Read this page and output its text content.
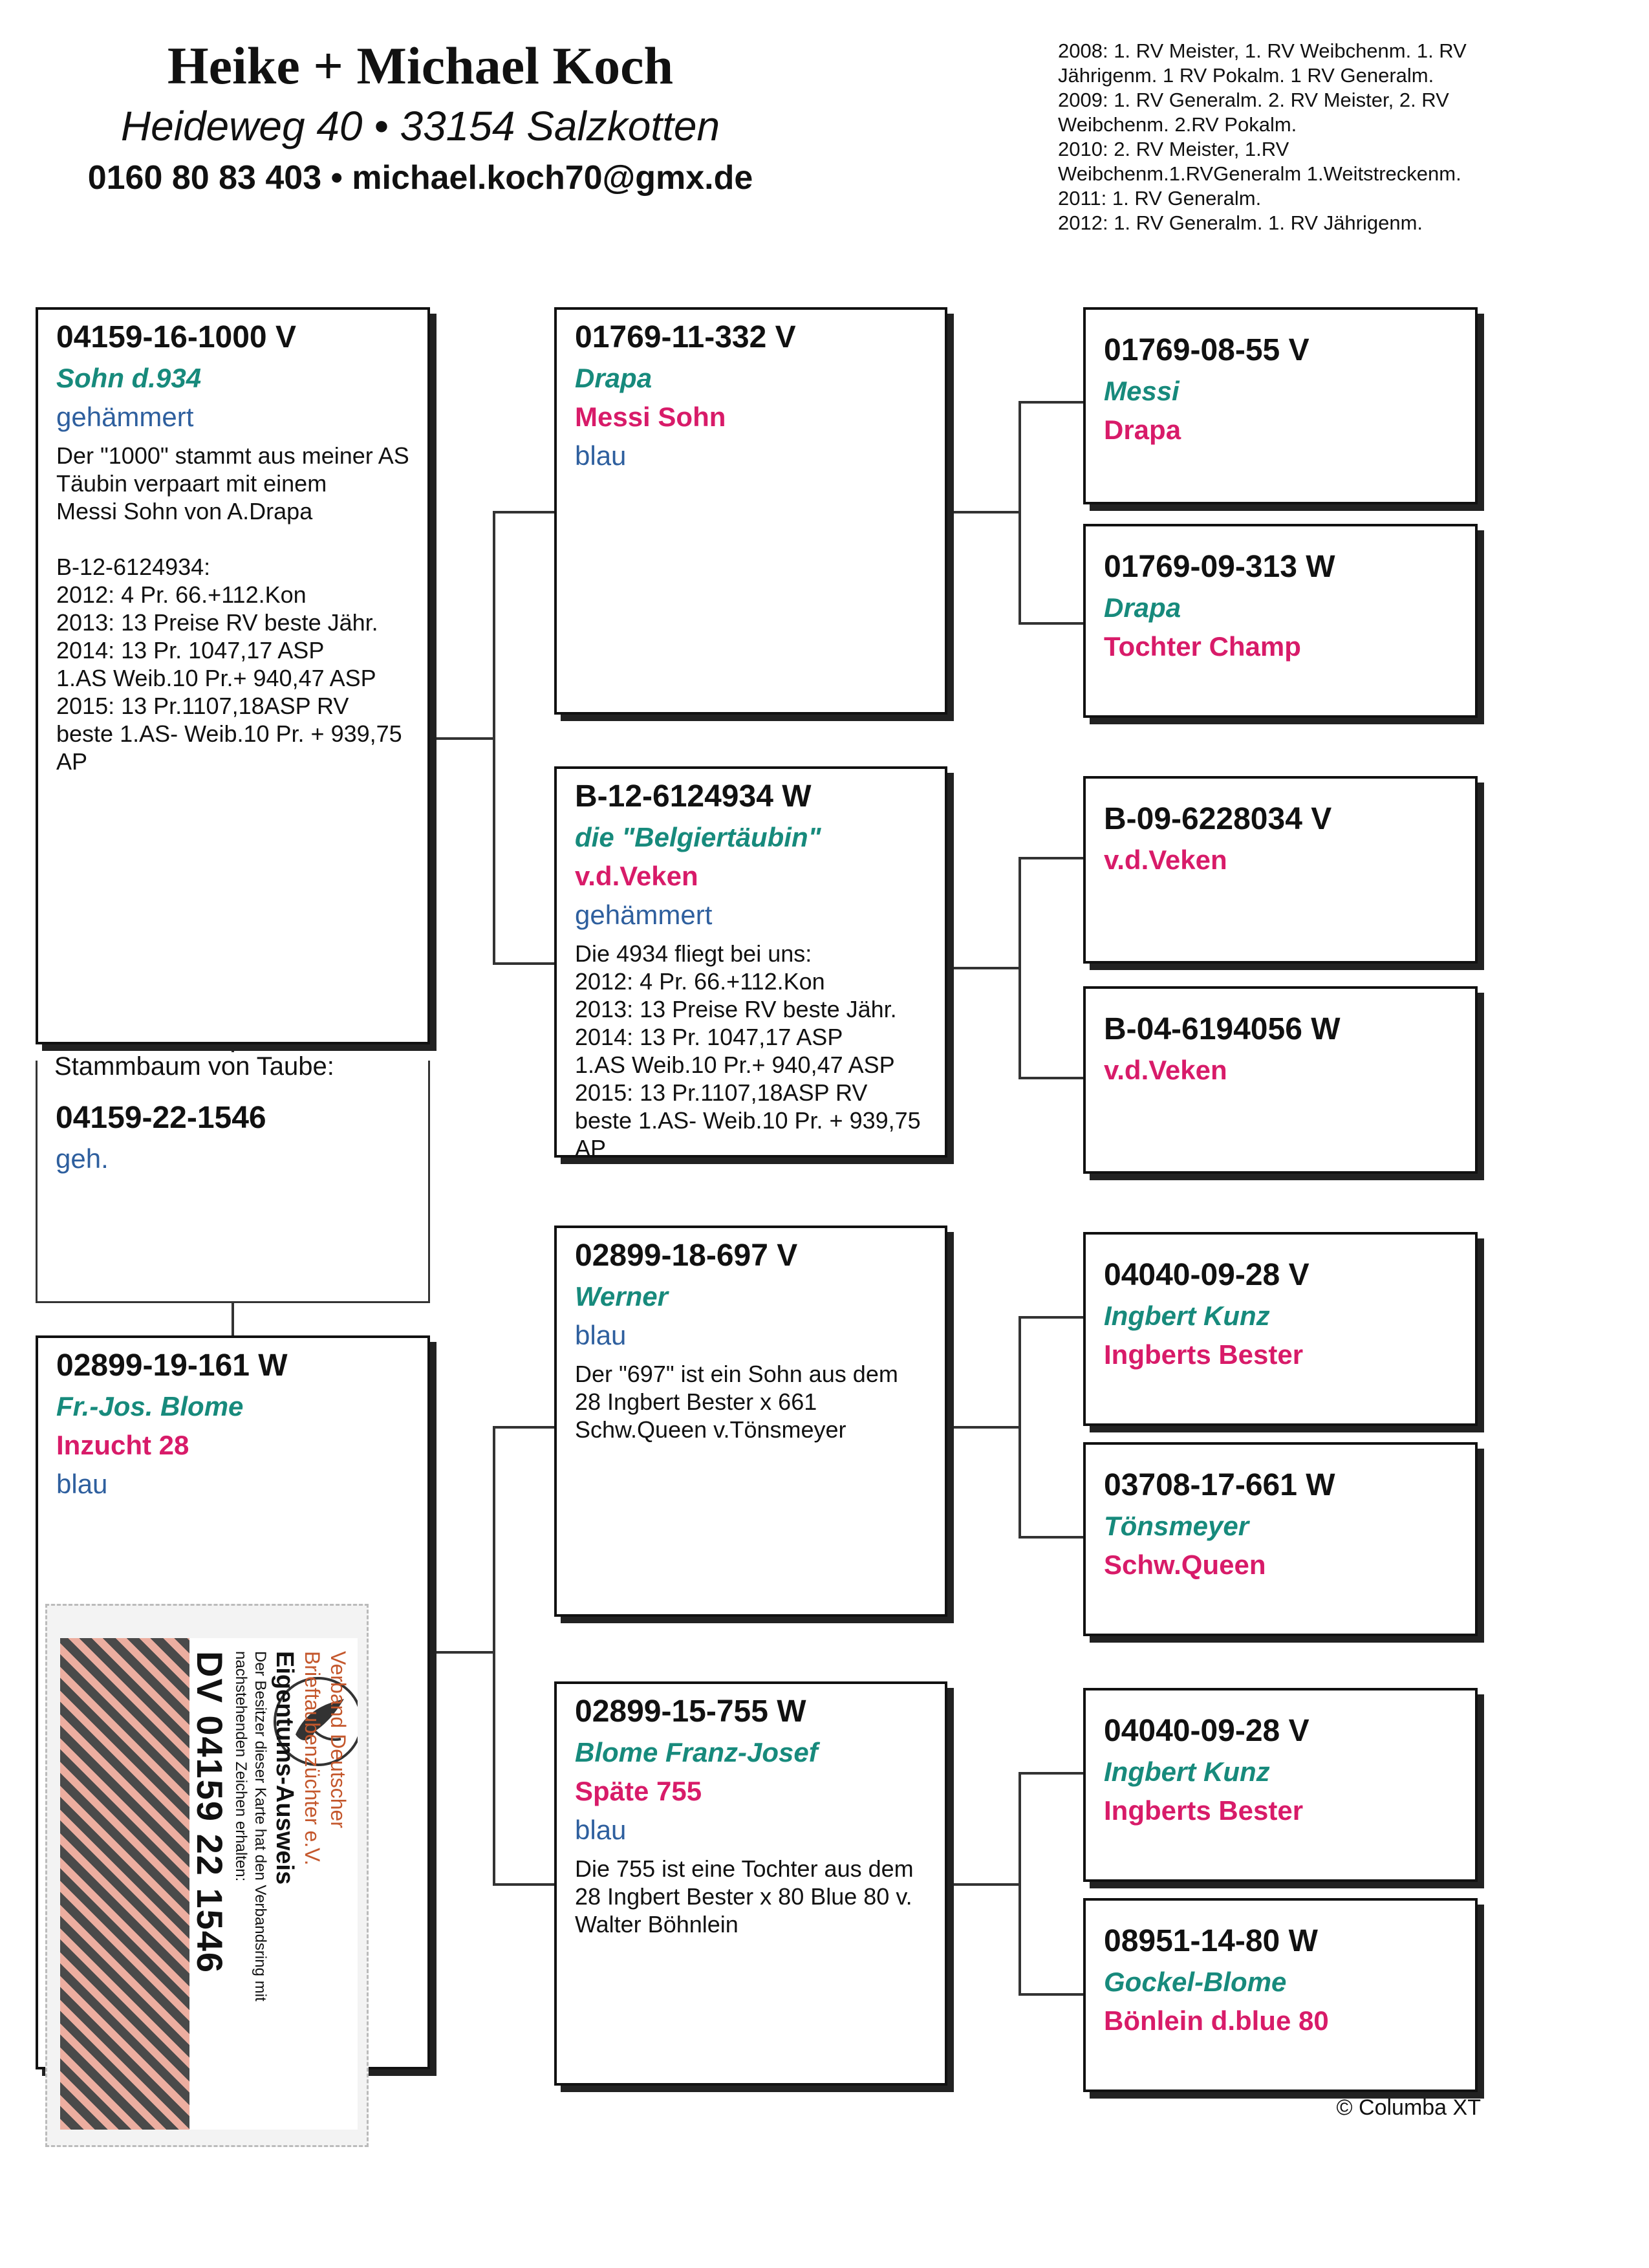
Heike + Michael Koch
Heideweg 40 • 33154 Salzkotten
0160 80 83 403 • michael.koch70@gmx.de
2008: 1. RV Meister, 1. RV Weibchenm. 1. RV Jährigenm. 1 RV Pokalm. 1 RV Generalm.
2009: 1. RV Generalm. 2. RV Meister, 2. RV Weibchenm. 2.RV Pokalm.
2010: 2. RV Meister, 1.RV Weibchenm.1.RVGeneralm 1.Weitstreckenm.
2011: 1. RV Generalm.
2012: 1. RV Generalm. 1. RV Jährigenm.
04159-16-1000 V
Sohn d.934
gehämmert
Der "1000" stammt aus meiner AS Täubin verpaart mit einem
Messi Sohn von A.Drapa
B-12-6124934:
2012: 4 Pr. 66.+112.Kon
2013: 13 Preise RV beste Jähr.
2014: 13 Pr. 1047,17 ASP
1.AS Weib.10 Pr.+ 940,47 ASP
2015: 13 Pr.1107,18ASP RV beste 1.AS- Weib.10 Pr. + 939,75 AP
04159-22-1546
geh.
Stammbaum von Taube:
02899-19-161 W
Fr.-Jos. Blome
Inzucht 28
blau
Verband Deutscher
Brieftaubenzüchter e.V.
Eigentums-Ausweis
Der Besitzer dieser Karte hat den Verbandsring mit nachstehenden Zeichen erhalten:
DV 04159 22 1546
01769-11-332 V
Drapa
Messi Sohn
blau
B-12-6124934 W
die "Belgiertäubin"
v.d.Veken
gehämmert
Die 4934 fliegt bei uns:
2012: 4 Pr. 66.+112.Kon
2013: 13 Preise RV beste Jähr.
2014: 13 Pr. 1047,17 ASP
1.AS Weib.10 Pr.+ 940,47 ASP
2015: 13 Pr.1107,18ASP RV beste 1.AS- Weib.10 Pr. + 939,75 AP
02899-18-697 V
Werner
blau
Der "697" ist ein Sohn aus dem 28 Ingbert Bester x 661 Schw.Queen v.Tönsmeyer
02899-15-755 W
Blome Franz-Josef
Späte 755
blau
Die 755 ist eine Tochter aus dem 28 Ingbert Bester x 80 Blue 80 v. Walter Böhnlein
01769-08-55 V
Messi
Drapa
01769-09-313 W
Drapa
Tochter Champ
B-09-6228034 V
v.d.Veken
B-04-6194056 W
v.d.Veken
04040-09-28 V
Ingbert Kunz
Ingberts Bester
03708-17-661 W
Tönsmeyer
Schw.Queen
04040-09-28 V
Ingbert Kunz
Ingberts Bester
08951-14-80 W
Gockel-Blome
Bönlein d.blue 80
© Columba XT
